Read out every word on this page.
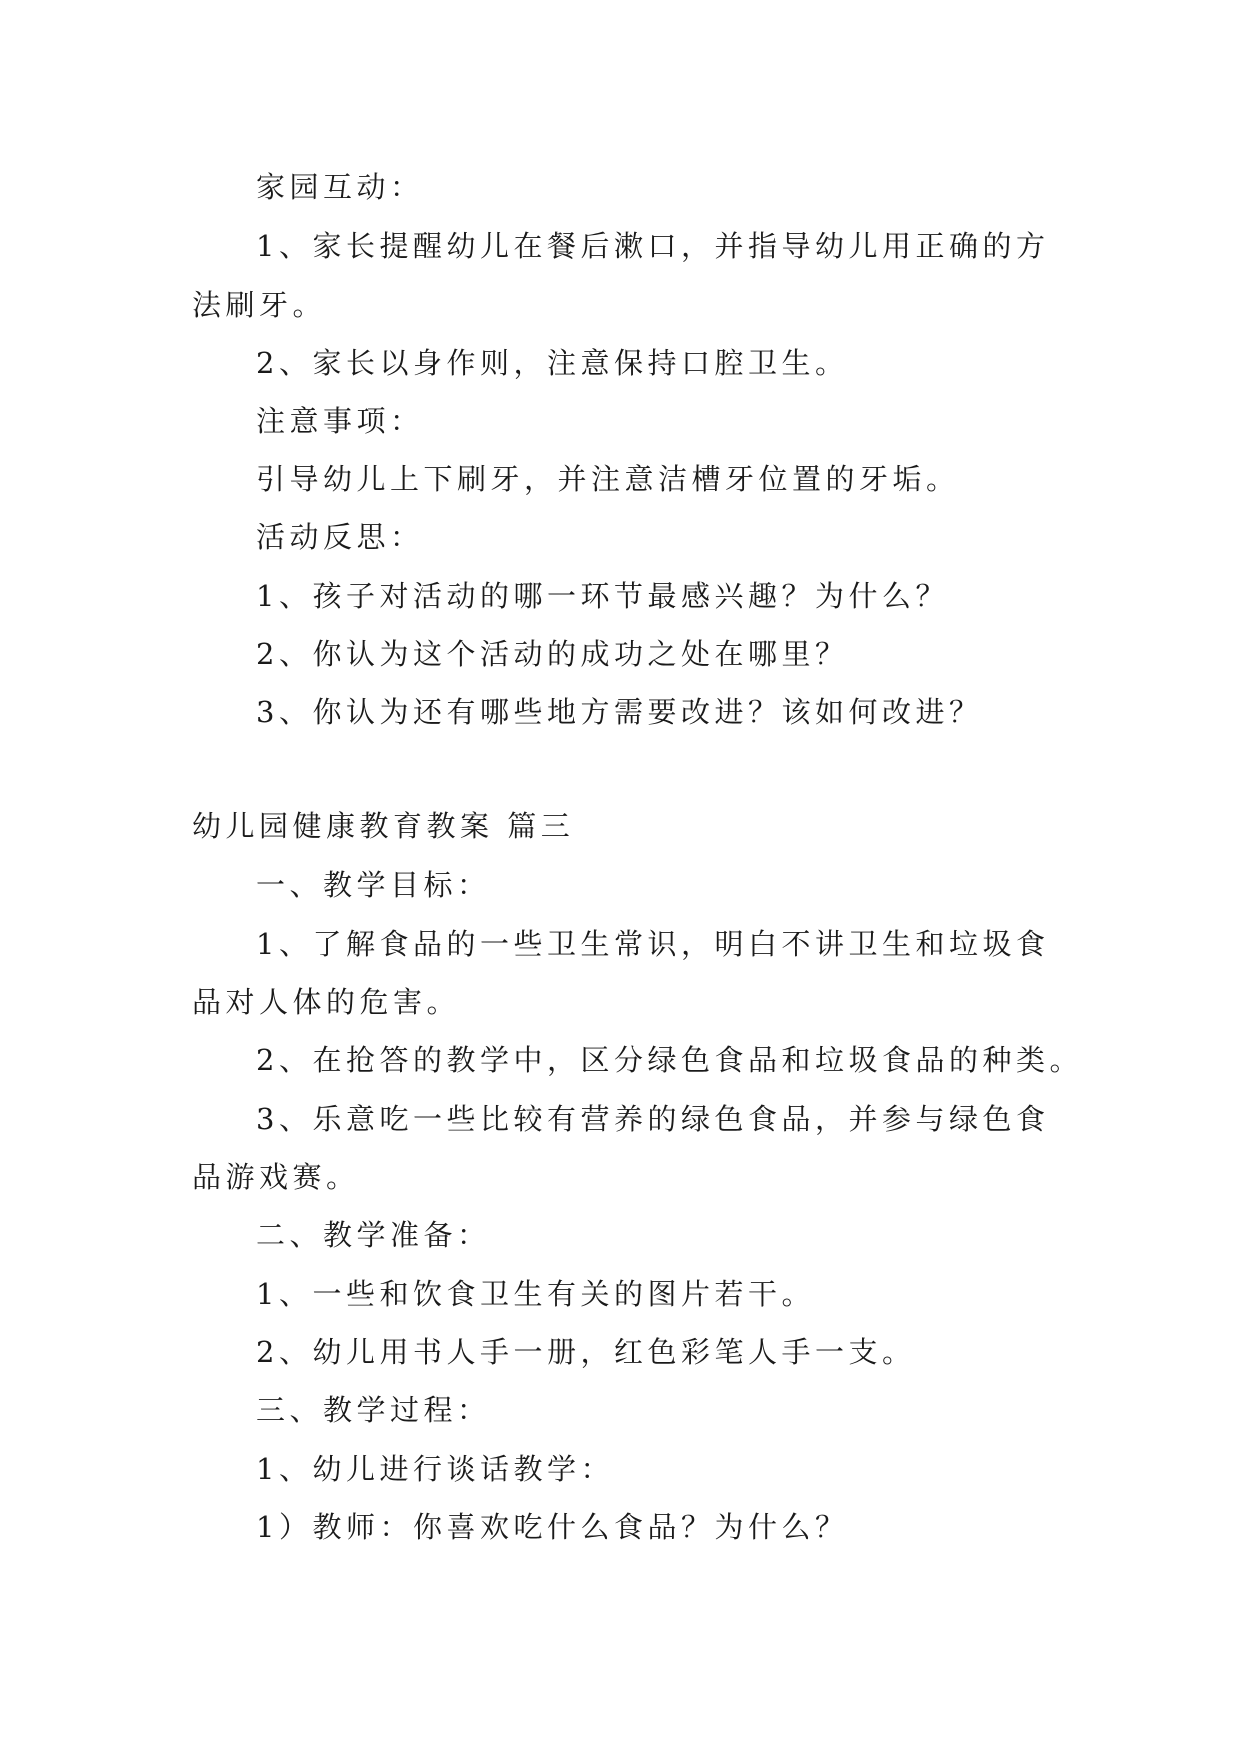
家园互动：
1、家长提醒幼儿在餐后漱口，并指导幼儿用正确的方
法刷牙。
2、家长以身作则，注意保持口腔卫生。
注意事项：
引导幼儿上下刷牙，并注意洁槽牙位置的牙垢。
活动反思：
1、孩子对活动的哪一环节最感兴趣？为什么？
2、你认为这个活动的成功之处在哪里？
3、你认为还有哪些地方需要改进？该如何改进？
幼儿园健康教育教案 篇三
一、教学目标：
1、了解食品的一些卫生常识，明白不讲卫生和垃圾食
品对人体的危害。
2、在抢答的教学中，区分绿色食品和垃圾食品的种类。
3、乐意吃一些比较有营养的绿色食品，并参与绿色食
品游戏赛。
二、教学准备：
1、一些和饮食卫生有关的图片若干。
2、幼儿用书人手一册，红色彩笔人手一支。
三、教学过程：
1、幼儿进行谈话教学：
1）教师：你喜欢吃什么食品？为什么？
